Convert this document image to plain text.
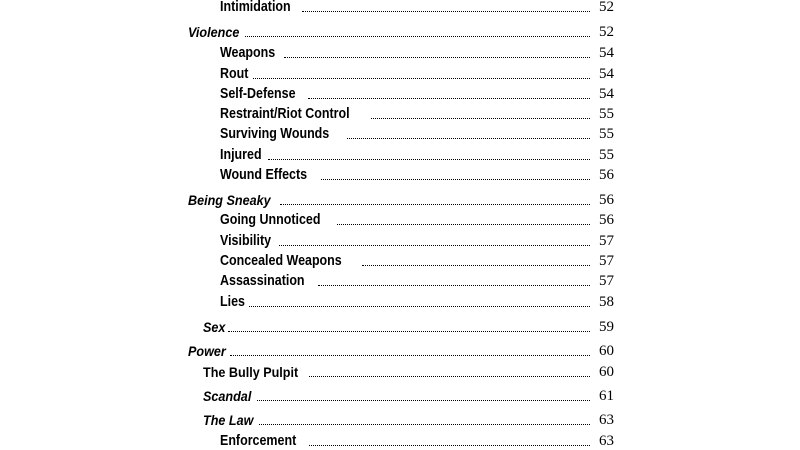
Intimidation	52
Violence	52
Weapons	54
Rout	54
Self-Defense	54
Restraint/Riot Control	55
Surviving Wounds	55
Injured	55
Wound Effects	56
Being Sneaky	56
Going Unnoticed	56
Visibility	57
Concealed Weapons	57
Assassination	57
Lies	58
Sex	59
Power	60
The Bully Pulpit	60
Scandal	61
The Law	63
Enforcement	63
